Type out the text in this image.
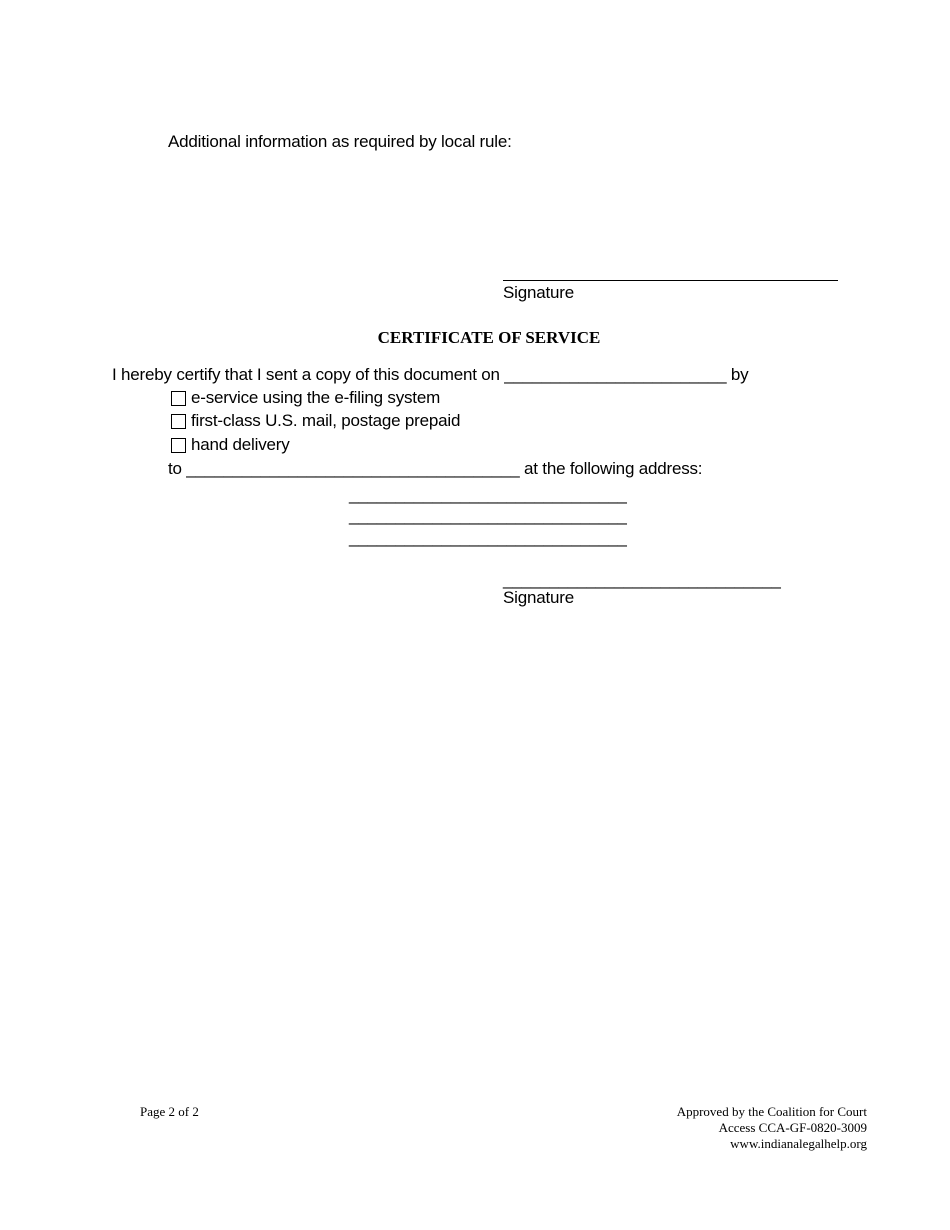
Additional information as required by local rule:
Signature
CERTIFICATE OF SERVICE
I hereby certify that I sent a copy of this document on ________________________ by
e-service using the e-filing system
first-class U.S. mail, postage prepaid
hand delivery
to ____________________________________ at the following address:
______________________________
______________________________
______________________________
______________________________
Signature
Page 2 of 2	Approved by the Coalition for Court
Access CCA-GF-0820-3009
www.indianalegalhelp.org
